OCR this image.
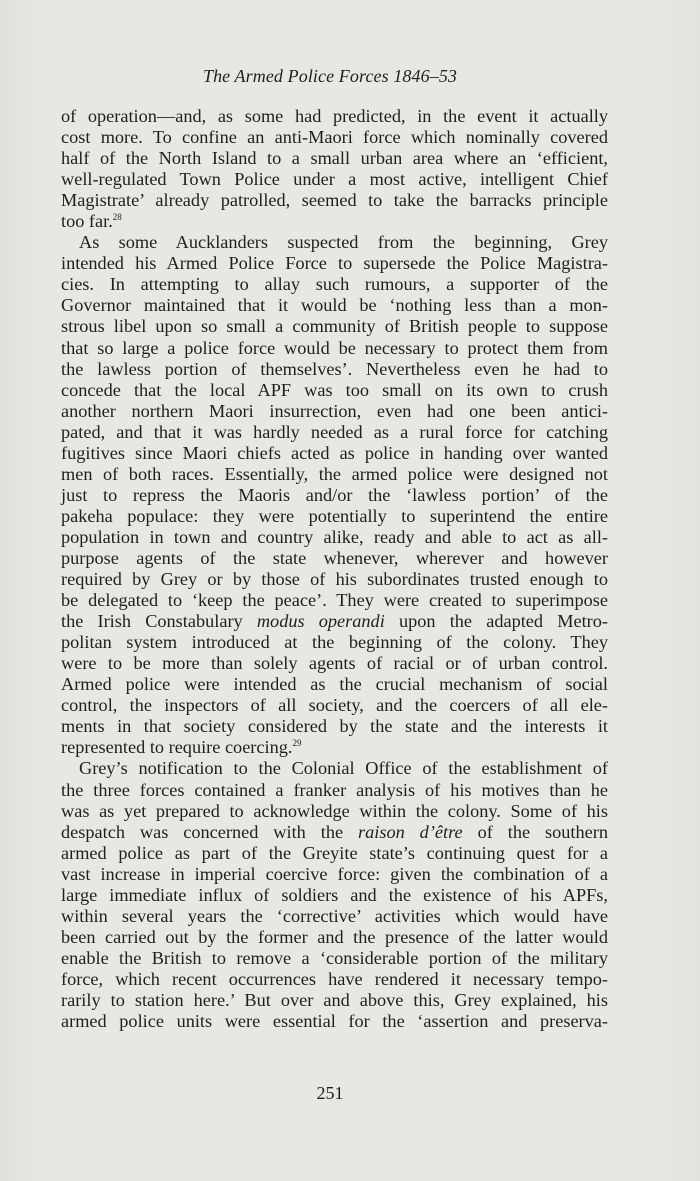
The Armed Police Forces 1846–53
of operation—and, as some had predicted, in the event it actually
cost more. To confine an anti-Maori force which nominally covered
half of the North Island to a small urban area where an ‘efficient,
well-regulated Town Police under a most active, intelligent Chief
Magistrate’ already patrolled, seemed to take the barracks principle
too far.$^{28}$
As some Aucklanders suspected from the beginning, Grey
intended his Armed Police Force to supersede the Police Magistra-
cies. In attempting to allay such rumours, a supporter of the
Governor maintained that it would be ‘nothing less than a mon-
strous libel upon so small a community of British people to suppose
that so large a police force would be necessary to protect them from
the lawless portion of themselves’. Nevertheless even he had to
concede that the local APF was too small on its own to crush
another northern Maori insurrection, even had one been antici-
pated, and that it was hardly needed as a rural force for catching
fugitives since Maori chiefs acted as police in handing over wanted
men of both races. Essentially, the armed police were designed not
just to repress the Maoris and/or the ‘lawless portion’ of the
pakeha populace: they were potentially to superintend the entire
population in town and country alike, ready and able to act as all-
purpose agents of the state whenever, wherever and however
required by Grey or by those of his subordinates trusted enough to
be delegated to ‘keep the peace’. They were created to superimpose
the Irish Constabulary modus operandi upon the adapted Metro-
politan system introduced at the beginning of the colony. They
were to be more than solely agents of racial or of urban control.
Armed police were intended as the crucial mechanism of social
control, the inspectors of all society, and the coercers of all ele-
ments in that society considered by the state and the interests it
represented to require coercing.$^{29}$
Grey’s notification to the Colonial Office of the establishment of
the three forces contained a franker analysis of his motives than he
was as yet prepared to acknowledge within the colony. Some of his
despatch was concerned with the raison d’être of the southern
armed police as part of the Greyite state’s continuing quest for a
vast increase in imperial coercive force: given the combination of a
large immediate influx of soldiers and the existence of his APFs,
within several years the ‘corrective’ activities which would have
been carried out by the former and the presence of the latter would
enable the British to remove a ‘considerable portion of the military
force, which recent occurrences have rendered it necessary tempo-
rarily to station here.’ But over and above this, Grey explained, his
armed police units were essential for the ‘assertion and preserva-
251
